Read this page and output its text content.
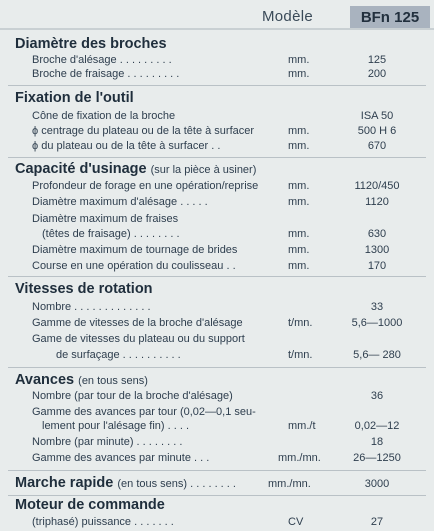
Modèle	BFn 125
Diamètre des broches
Broche d'alésage . . . . . . . . .	mm.	125
Broche de fraisage . . . . . . . . .	mm.	200
Fixation de l'outil
Cône de fixation de la broche	ISA 50
ϕ centrage du plateau ou de la tête à surfacer	mm.	500 H 6
ϕ du plateau ou de la tête à surfacer . .	mm.	670
Capacité d'usinage (sur la pièce à usiner)
Profondeur de forage en une opération/reprise	mm.	1120/450
Diamètre maximum d'alésage . . . . .	mm.	1120
Diamètre maximum de fraises
(têtes de fraisage) . . . . . . . .	mm.	630
Diamètre maximum de tournage de brides	mm.	1300
Course en une opération du coulisseau . .	mm.	170
Vitesses de rotation
Nombre . . . . . . . . . . . . .	33
Gamme de vitesses de la broche d'alésage	t/mn.	5,6—1000
Game de vitesses du plateau ou du support
de surfaçage . . . . . . . . . .	t/mn.	5,6— 280
Avances (en tous sens)
Nombre (par tour de la broche d'alésage)	36
Gamme des avances par tour (0,02—0,1 seu-
lement pour l'alésage fin) . . . .	mm./t	0,02—12
Nombre (par minute) . . . . . . . .	18
Gamme des avances par minute . . .	mm./mn.	26—1250
Marche rapide (en tous sens) . . . . . . . .	mm./mn.	3000
Moteur de commande
(triphasé) puissance . . . . . . .	CV	27
